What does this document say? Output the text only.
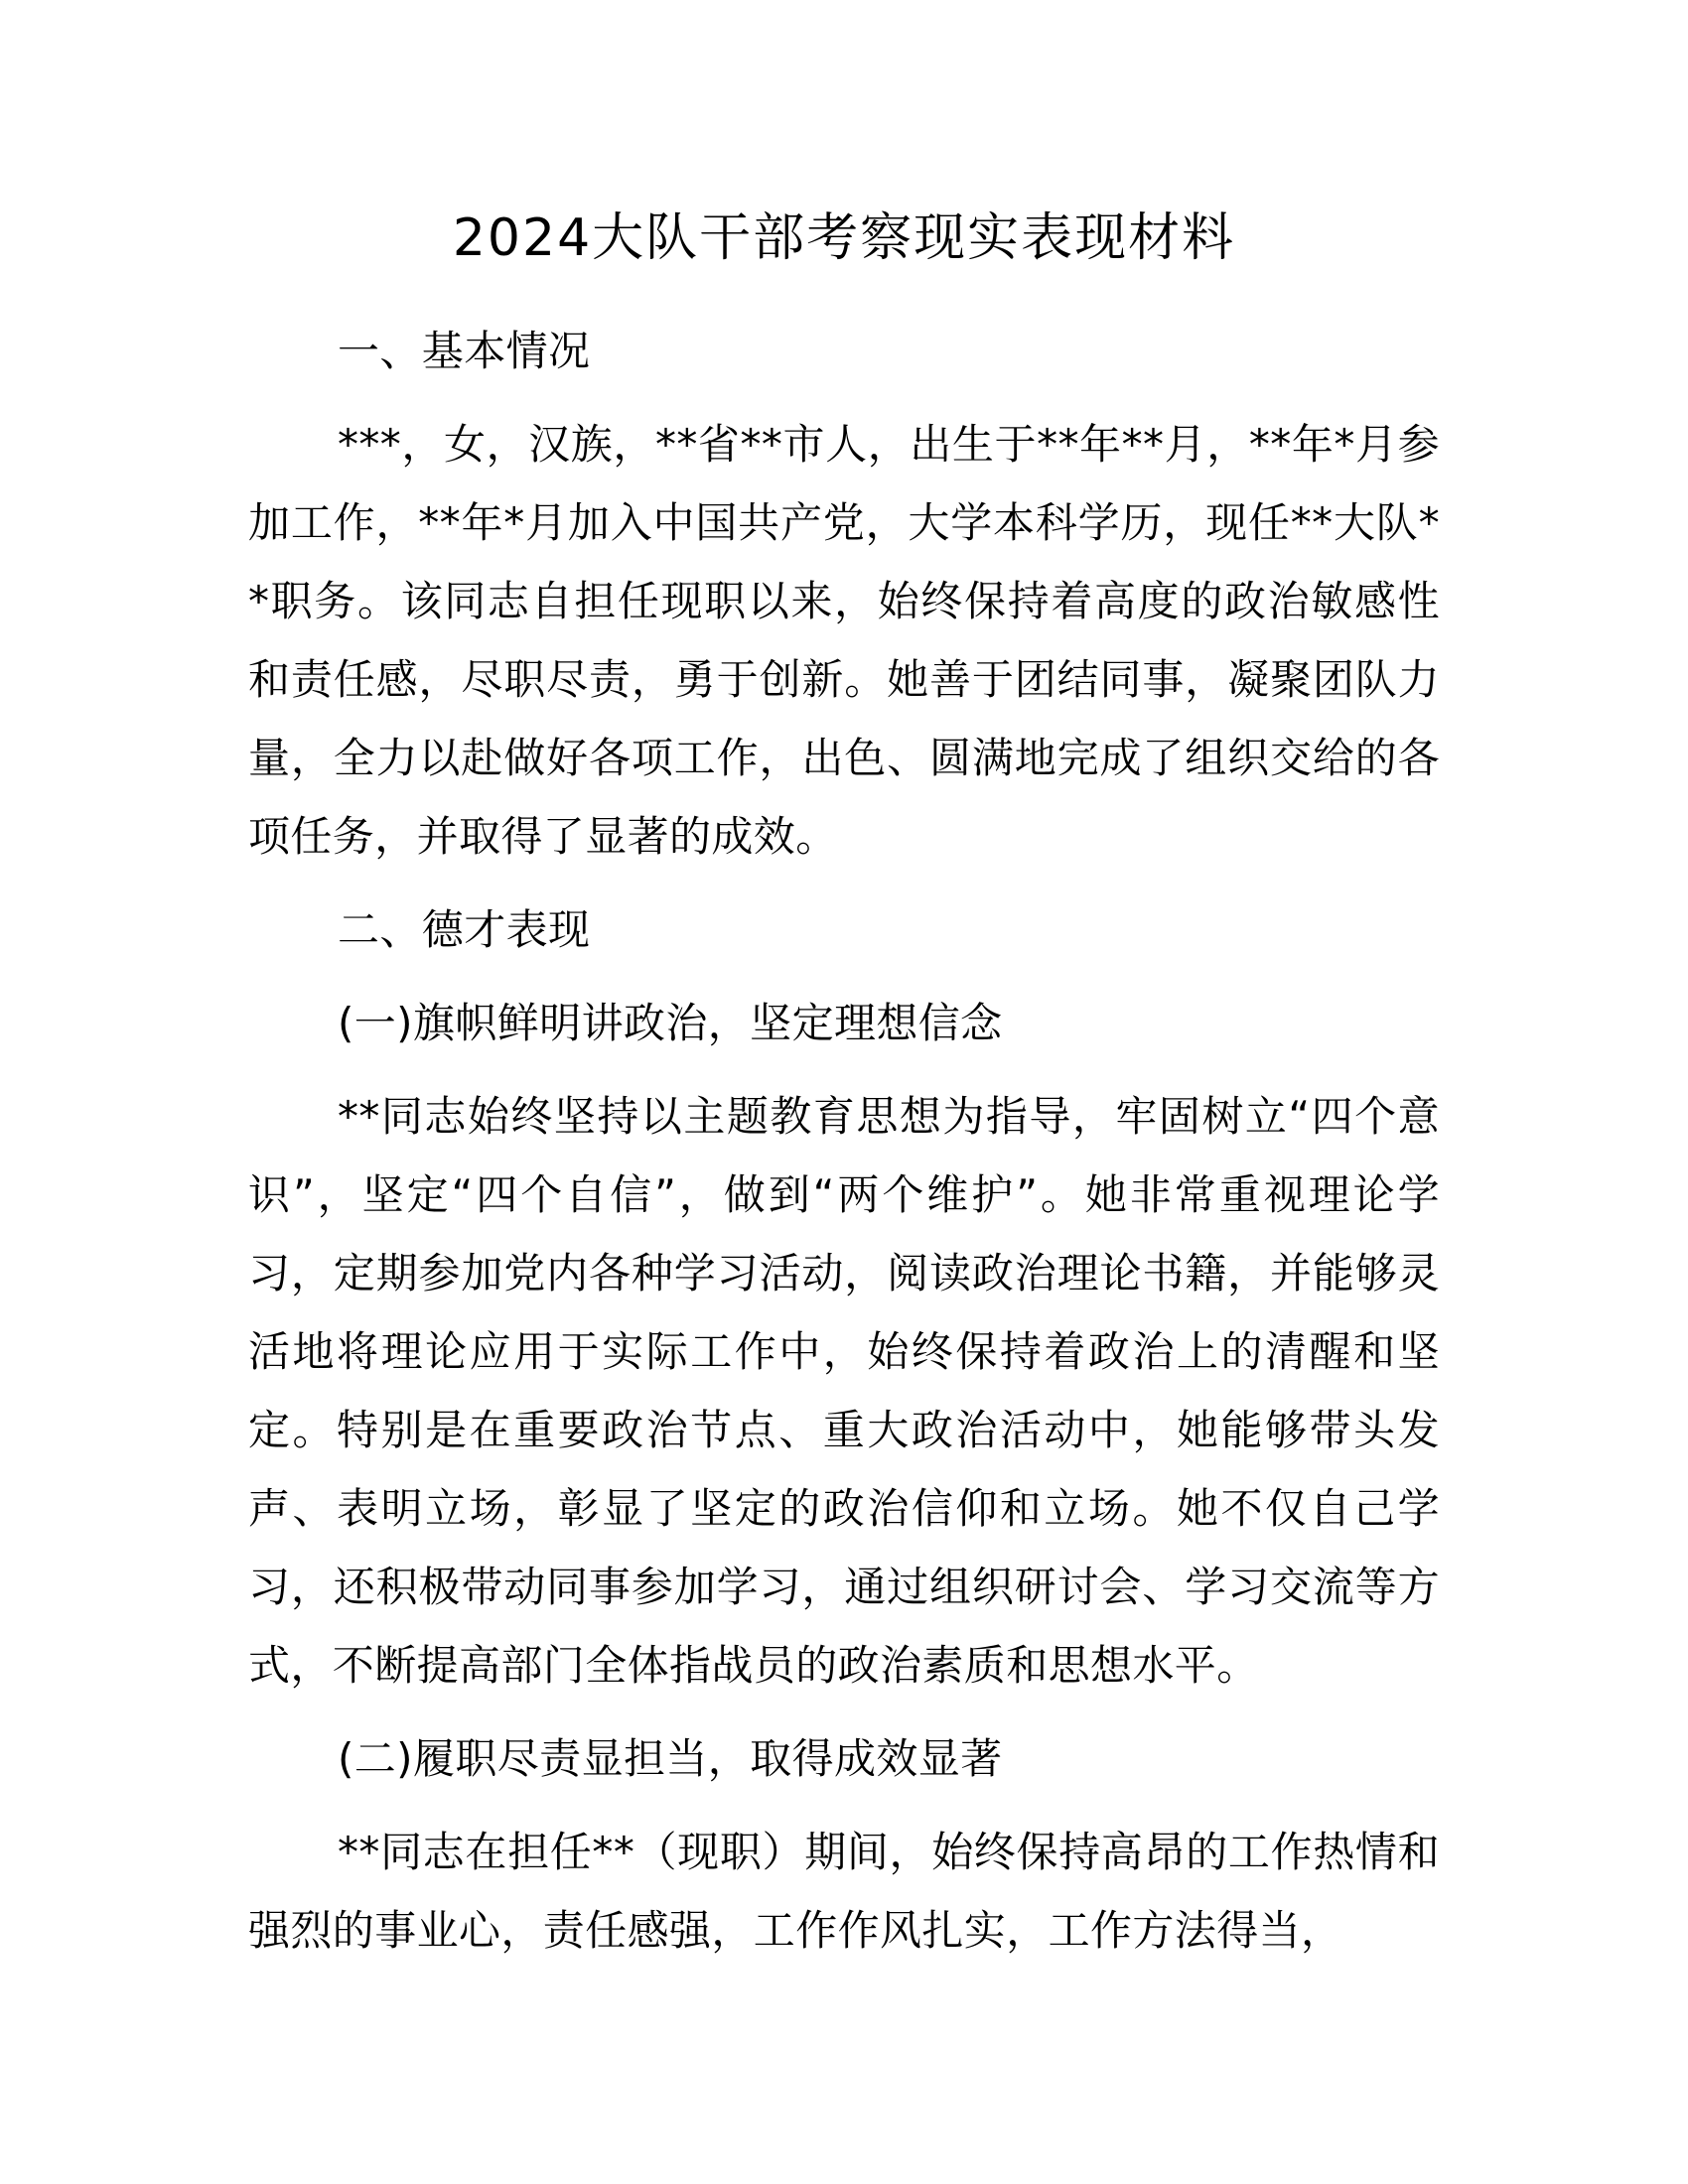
2024大队干部考察现实表现材料

一、基本情况

***，女，汉族，**省**市人，出生于**年**月，**年*月参加工作，**年*月加入中国共产党，大学本科学历，现任**大队**职务。该同志自担任现职以来，始终保持着高度的政治敏感性和责任感，尽职尽责，勇于创新。她善于团结同事，凝聚团队力量，全力以赴做好各项工作，出色、圆满地完成了组织交给的各项任务，并取得了显著的成效。

二、德才表现

(一)旗帜鲜明讲政治，坚定理想信念

**同志始终坚持以主题教育思想为指导，牢固树立“四个意识”，坚定“四个自信”，做到“两个维护”。她非常重视理论学习，定期参加党内各种学习活动，阅读政治理论书籍，并能够灵活地将理论应用于实际工作中，始终保持着政治上的清醒和坚定。特别是在重要政治节点、重大政治活动中，她能够带头发声、表明立场，彰显了坚定的政治信仰和立场。她不仅自己学习，还积极带动同事参加学习，通过组织研讨会、学习交流等方式，不断提高部门全体指战员的政治素质和思想水平。

(二)履职尽责显担当，取得成效显著

**同志在担任**（现职）期间，始终保持高昂的工作热情和强烈的事业心，责任感强，工作作风扎实，工作方法得当，
